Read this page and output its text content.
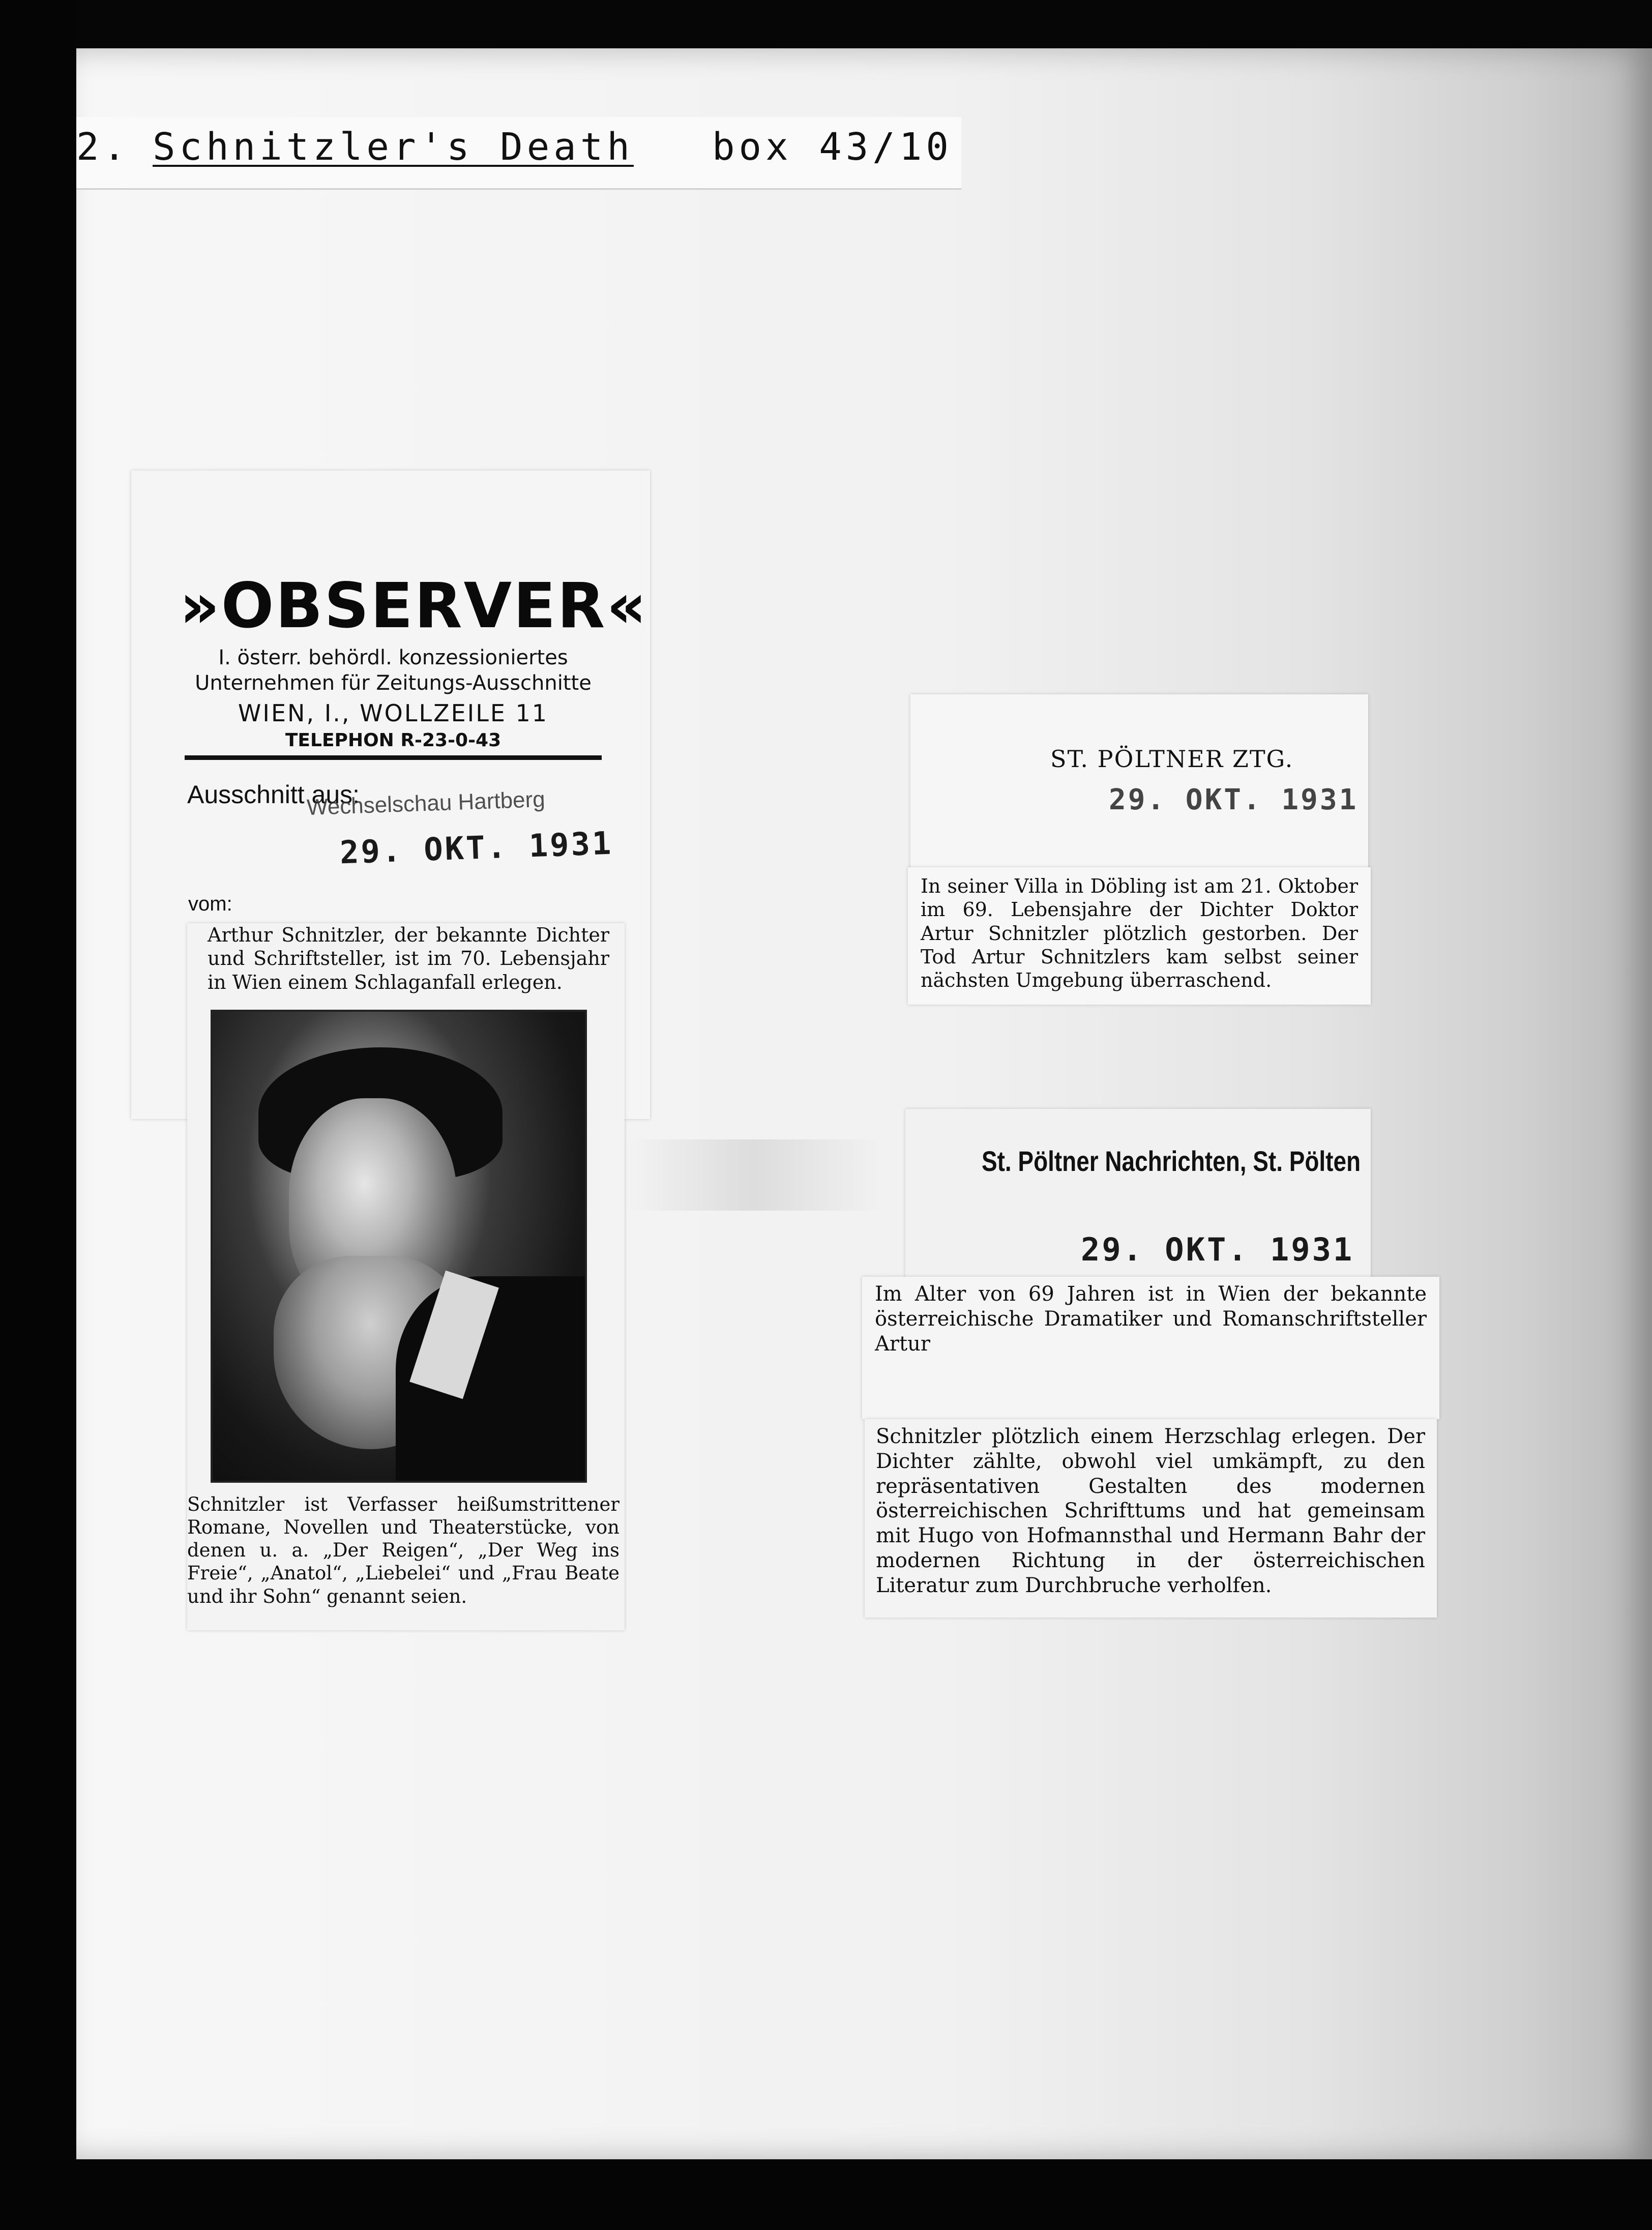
2. Schnitzler's Death box 43/10
»OBSERVER«
I. österr. behördl. konzessioniertes
Unternehmen für Zeitungs-Ausschnitte
WIEN, I., WOLLZEILE 11
TELEPHON R-23-0-43
Ausschnitt aus:
Wechselschau Hartberg
29. OKT. 1931
vom:
Arthur Schnitzler, der bekannte Dichter und Schriftsteller, ist im 70. Lebensjahr in Wien einem Schlaganfall erlegen.
Schnitzler ist Verfasser heißumstrittener Romane, Novellen und Theaterstücke, von denen u. a. „Der Reigen“, „Der Weg ins Freie“, „Anatol“, „Liebelei“ und „Frau Beate und ihr Sohn“ genannt seien.
ST. PÖLTNER ZTG.
29. OKT. 1931
In seiner Villa in Döbling ist am 21. Oktober im 69. Lebensjahre der Dichter Doktor Artur Schnitzler plötzlich gestorben. Der Tod Artur Schnitzlers kam selbst seiner nächsten Umgebung überraschend.
St. Pöltner Nachrichten, St. Pölten
29. OKT. 1931
Im Alter von 69 Jahren ist in Wien der bekannte österreichische Dramatiker und Romanschriftsteller Artur
Schnitzler plötzlich einem Herzschlag erlegen. Der Dichter zählte, obwohl viel umkämpft, zu den repräsentativen Gestalten des modernen österreichischen Schrifttums und hat gemeinsam mit Hugo von Hofmannsthal und Hermann Bahr der modernen Richtung in der österreichischen Literatur zum Durchbruche verholfen.
